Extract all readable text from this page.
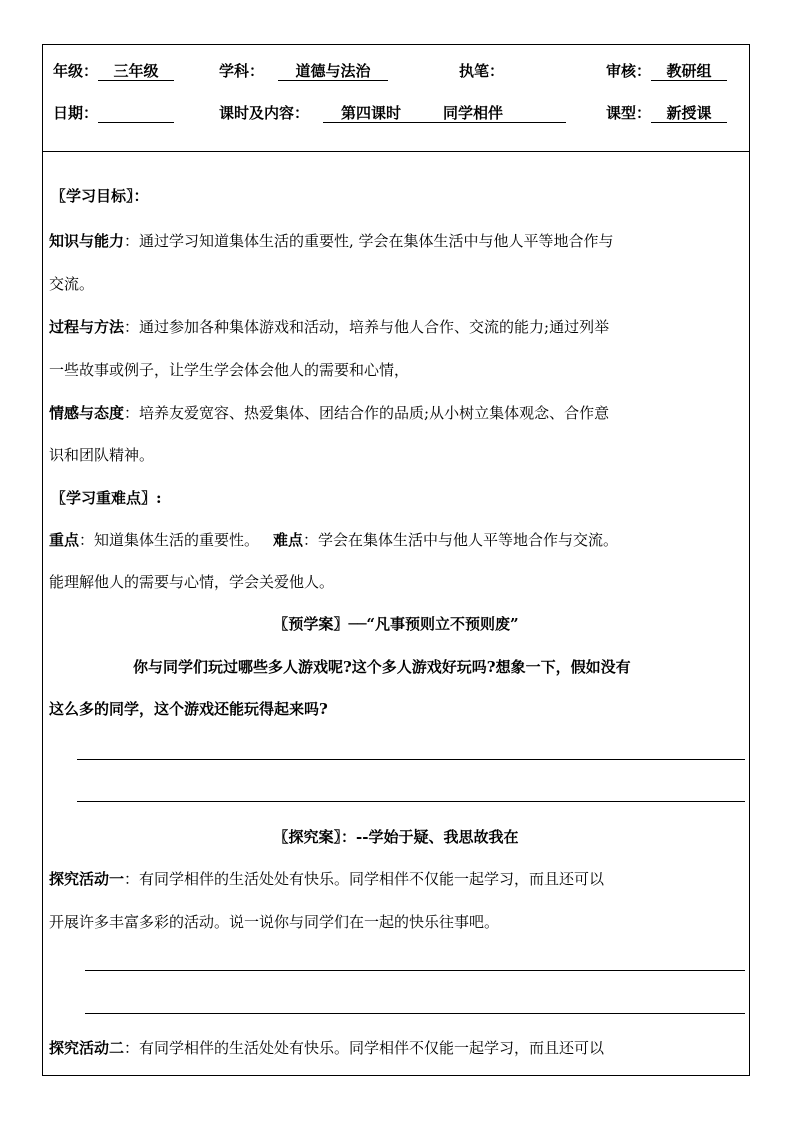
年级： 三年级	学科： 道德与法治	执笔：	审核： 教研组
日期：	课时及内容： 第四课时	同学相伴	课型： 新授课
〖学习目标〗：
知识与能力：通过学习知道集体生活的重要性, 学会在集体生活中与他人平等地合作与
交流。
过程与方法：通过参加各种集体游戏和活动，培养与他人合作、交流的能力;通过列举
一些故事或例子，让学生学会体会他人的需要和心情，
情感与态度：培养友爱宽容、热爱集体、团结合作的品质;从小树立集体观念、合作意
识和团队精神。
〖学习重难点〗:
重点：知道集体生活的重要性。 难点：学会在集体生活中与他人平等地合作与交流。
能理解他人的需要与心情，学会关爱他人。
〖预学案〗──“凡事预则立不预则废”
你与同学们玩过哪些多人游戏呢?这个多人游戏好玩吗?想象一下，假如没有
这么多的同学，这个游戏还能玩得起来吗?
〖探究案〗：--学始于疑、我思故我在
探究活动一：有同学相伴的生活处处有快乐。同学相伴不仅能一起学习，而且还可以
开展许多丰富多彩的活动。说一说你与同学们在一起的快乐往事吧。
探究活动二：有同学相伴的生活处处有快乐。同学相伴不仅能一起学习，而且还可以
